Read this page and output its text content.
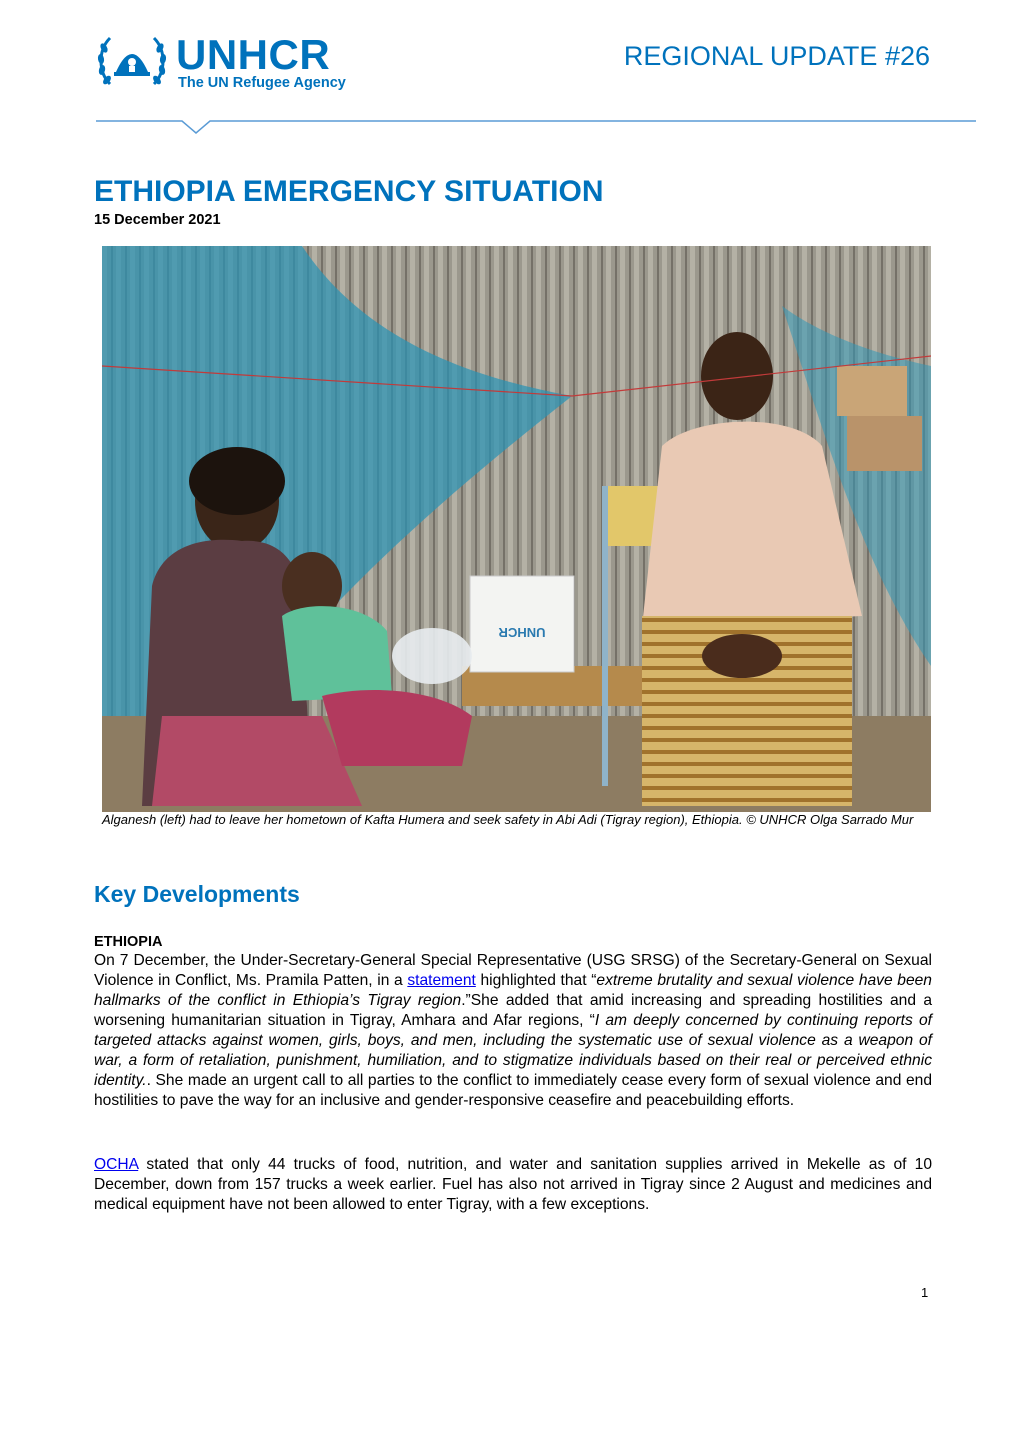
UNHCR
The UN Refugee Agency
REGIONAL UPDATE #26
ETHIOPIA EMERGENCY SITUATION
15 December 2021
UNHCR
Alganesh (left) had to leave her hometown of Kafta Humera and seek safety in Abi Adi (Tigray region), Ethiopia. © UNHCR Olga Sarrado Mur
Key Developments
ETHIOPIA

On 7 December, the Under-Secretary-General Special Representative (USG SRSG) of the Secretary-General on Sexual Violence in Conflict, Ms. Pramila Patten, in a statement highlighted that “extreme brutality and sexual violence have been hallmarks of the conflict in Ethiopia’s Tigray region.”She added that amid increasing and spreading hostilities and a worsening humanitarian situation in Tigray, Amhara and Afar regions, “I am deeply concerned by continuing reports of targeted attacks against women, girls, boys, and men, including the systematic use of sexual violence as a weapon of war, a form of retaliation, punishment, humiliation, and to stigmatize individuals based on their real or perceived ethnic identity.. She made an urgent call to all parties to the conflict to immediately cease every form of sexual violence and end hostilities to pave the way for an inclusive and gender-responsive ceasefire and peacebuilding efforts.

OCHA stated that only 44 trucks of food, nutrition, and water and sanitation supplies arrived in Mekelle as of 10 December, down from 157 trucks a week earlier. Fuel has also not arrived in Tigray since 2 August and medicines and medical equipment have not been allowed to enter Tigray, with a few exceptions.

1
